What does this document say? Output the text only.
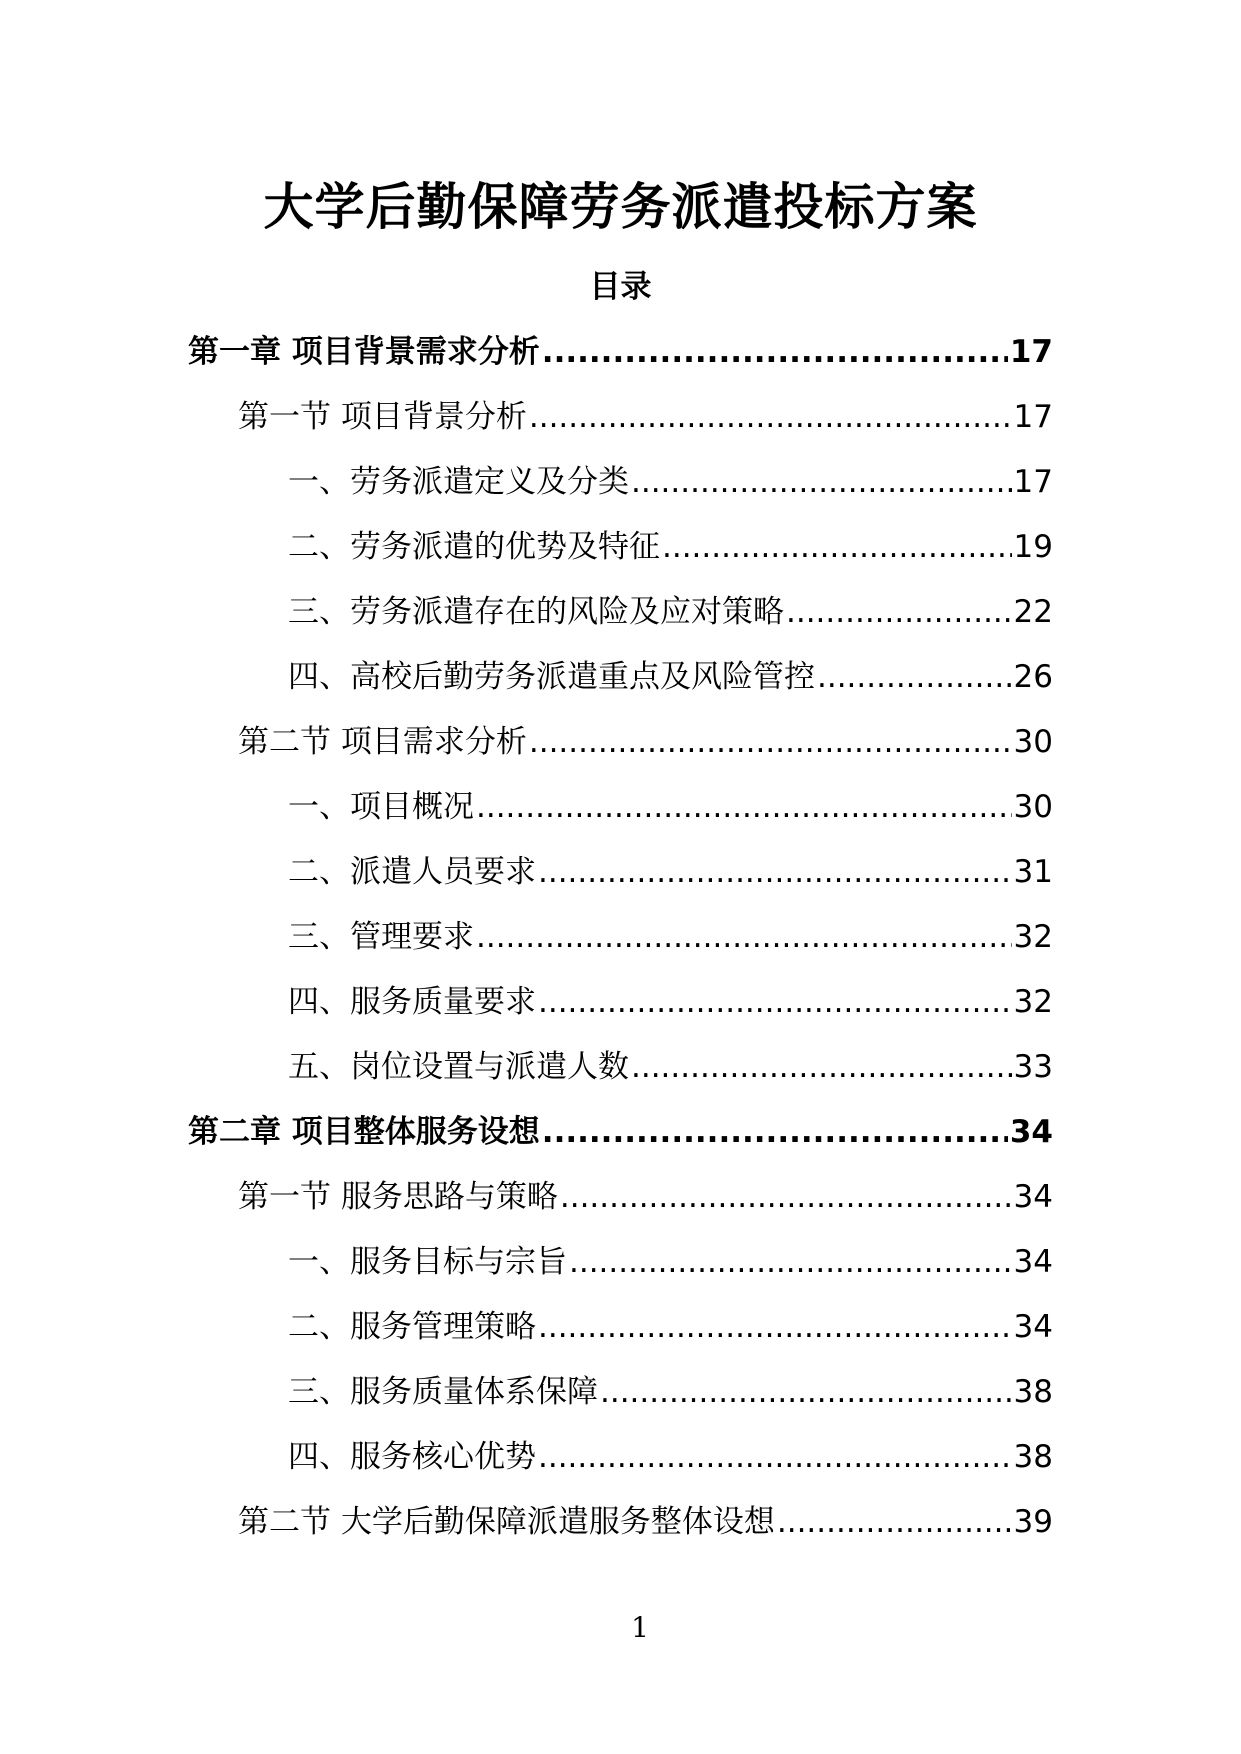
大学后勤保障劳务派遣投标方案
目录
第一章 项目背景需求分析 .....	17
第一节 项目背景分析 .....	17
一、劳务派遣定义及分类 .....	17
二、劳务派遣的优势及特征 .....	19
三、劳务派遣存在的风险及应对策略 .....	22
四、高校后勤劳务派遣重点及风险管控 .....	26
第二节 项目需求分析 .....	30
一、项目概况 .....	30
二、派遣人员要求 .....	31
三、管理要求 .....	32
四、服务质量要求 .....	32
五、岗位设置与派遣人数 .....	33
第二章 项目整体服务设想 .....	34
第一节 服务思路与策略 .....	34
一、服务目标与宗旨 .....	34
二、服务管理策略 .....	34
三、服务质量体系保障 .....	38
四、服务核心优势 .....	38
第二节 大学后勤保障派遣服务整体设想 .....	39
1
